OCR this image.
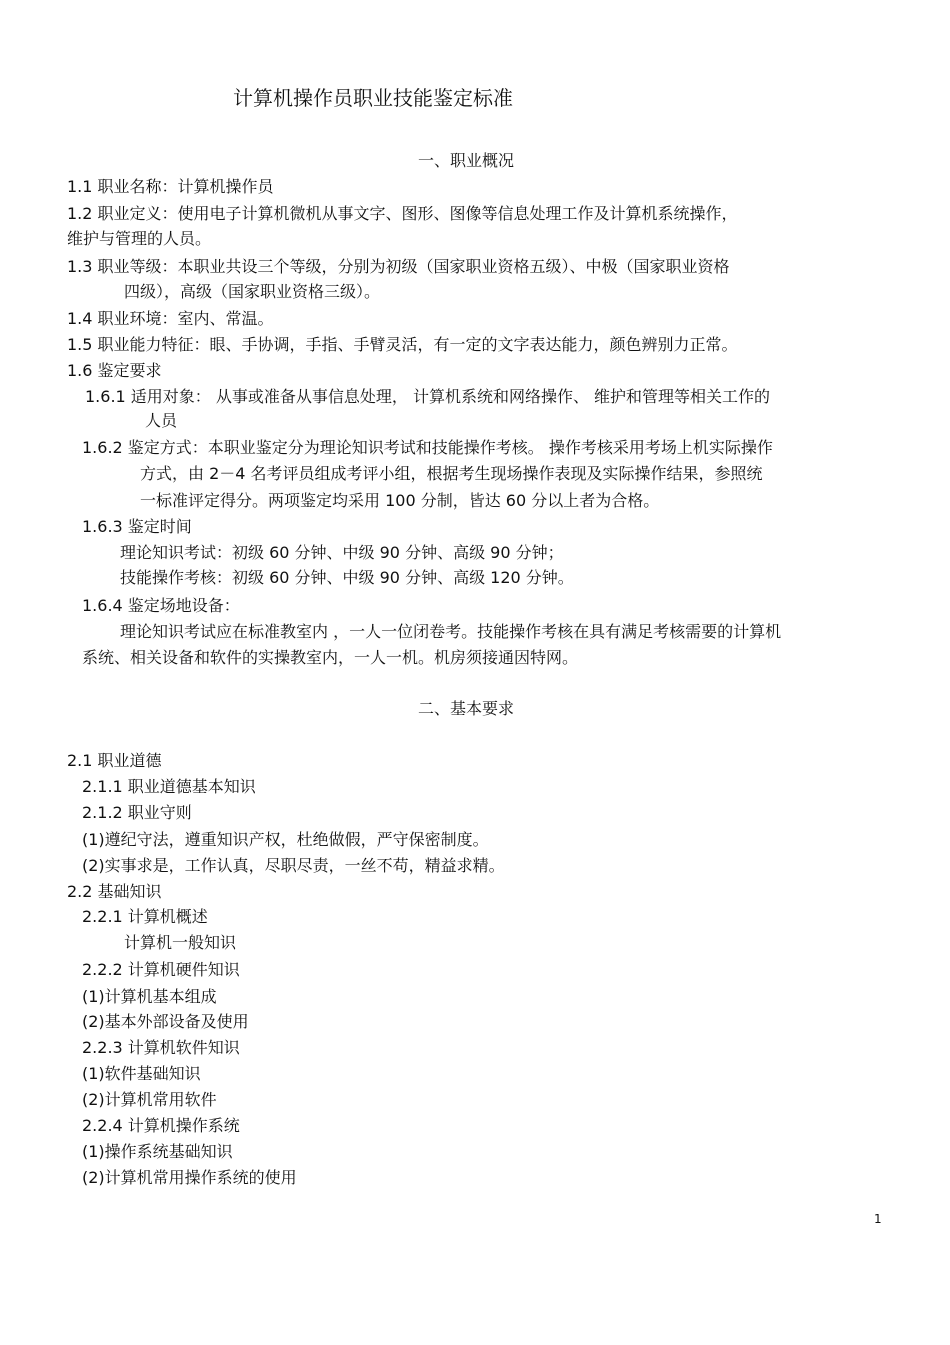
计算机操作员职业技能鉴定标准
一、职业概况
1.1 职业名称：计算机操作员
1.2 职业定义：使用电子计算机微机从事文字、图形、图像等信息处理工作及计算机系统操作，
维护与管理的人员。
1.3 职业等级：本职业共设三个等级，分别为初级（国家职业资格五级）、中极（国家职业资格
四级），高级（国家职业资格三级）。
1.4 职业环境：室内、常温。
1.5 职业能力特征：眼、手协调，手指、手臂灵活，有一定的文字表达能力，颜色辨别力正常。
1.6 鉴定要求
1.6.1 适用对象： 从事或准备从事信息处理， 计算机系统和网络操作、 维护和管理等相关工作的
人员
1.6.2 鉴定方式：本职业鉴定分为理论知识考试和技能操作考核。 操作考核采用考场上机实际操作
方式，由 2－4 名考评员组成考评小组，根据考生现场操作表现及实际操作结果，参照统
一标准评定得分。两项鉴定均采用 100 分制，皆达 60 分以上者为合格。
1.6.3 鉴定时间
理论知识考试：初级 60 分钟、中级 90 分钟、高级 90 分钟；
技能操作考核：初级 60 分钟、中级 90 分钟、高级 120 分钟。
1.6.4 鉴定场地设备：
理论知识考试应在标准教室内 ，一人一位闭卷考。技能操作考核在具有满足考核需要的计算机
系统、相关设备和软件的实操教室内，一人一机。机房须接通因特网。
二、基本要求
2.1 职业道德
2.1.1 职业道德基本知识
2.1.2 职业守则
(1)遵纪守法，遵重知识产权，杜绝做假，严守保密制度。
(2)实事求是，工作认真，尽职尽责，一丝不苟，精益求精。
2.2 基础知识
2.2.1 计算机概述
计算机一般知识
2.2.2 计算机硬件知识
(1)计算机基本组成
(2)基本外部设备及使用
2.2.3 计算机软件知识
(1)软件基础知识
(2)计算机常用软件
2.2.4 计算机操作系统
(1)操作系统基础知识
(2)计算机常用操作系统的使用
1
